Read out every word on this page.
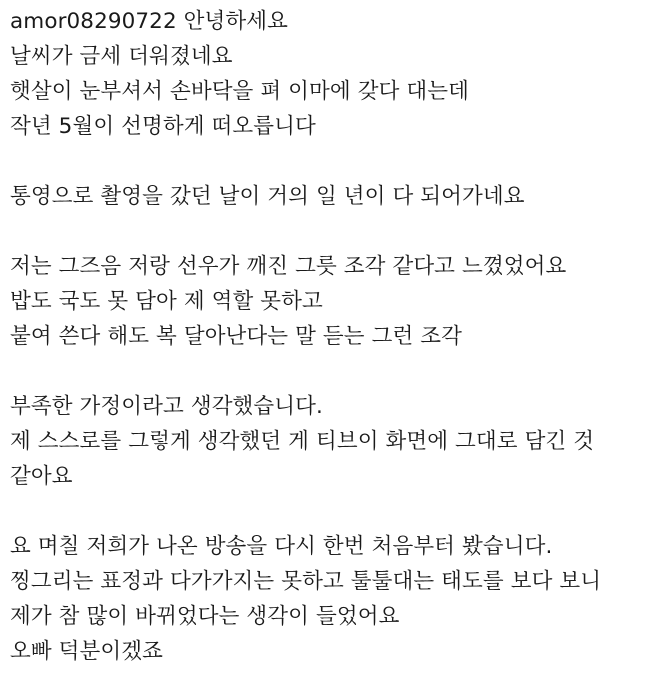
amor08290722 안녕하세요
날씨가 금세 더워졌네요
햇살이 눈부셔서 손바닥을 펴 이마에 갖다 대는데
작년 5월이 선명하게 떠오릅니다
통영으로 촬영을 갔던 날이 거의 일 년이 다 되어가네요
저는 그즈음 저랑 선우가 깨진 그릇 조각 같다고 느꼈었어요
밥도 국도 못 담아 제 역할 못하고
붙여 쓴다 해도 복 달아난다는 말 듣는 그런 조각
부족한 가정이라고 생각했습니다.
제 스스로를 그렇게 생각했던 게 티브이 화면에 그대로 담긴 것
같아요
요 며칠 저희가 나온 방송을 다시 한번 처음부터 봤습니다.
찡그리는 표정과 다가가지는 못하고 툴툴대는 태도를 보다 보니
제가 참 많이 바뀌었다는 생각이 들었어요
오빠 덕분이겠죠
